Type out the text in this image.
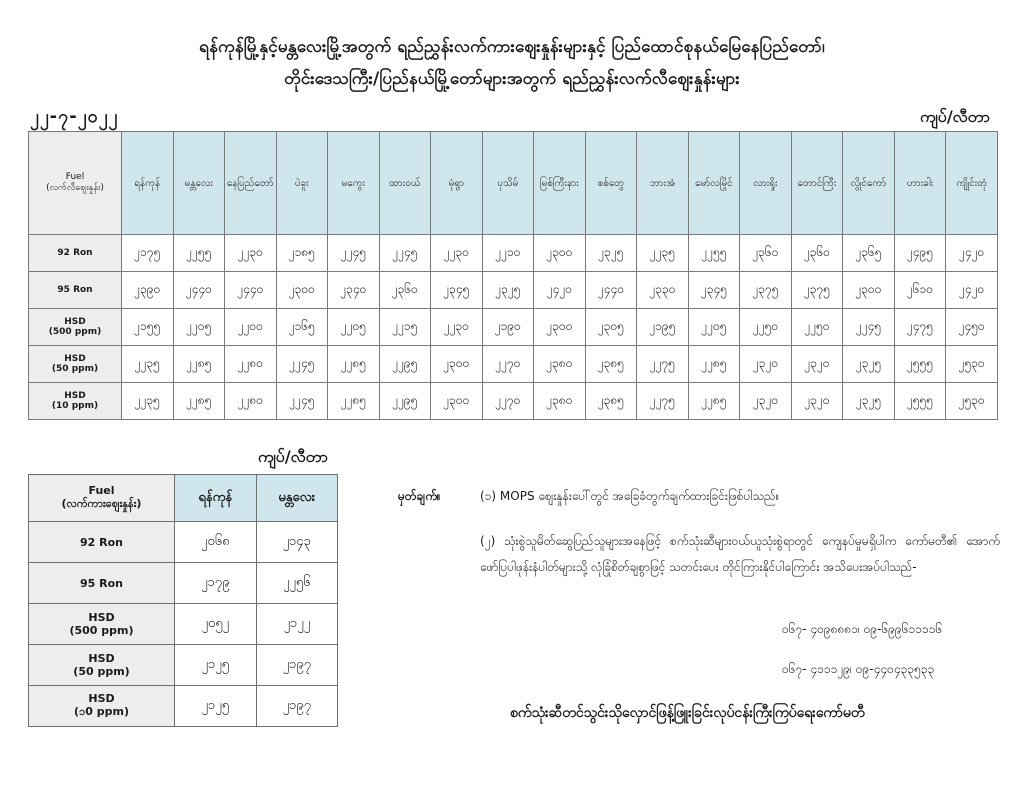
ရန်ကုန်မြို့နှင့်မန္တလေးမြို့အတွက် ရည်ညွှန်းလက်ကားဈေးနှုန်းများနှင့် ပြည်ထောင်စုနယ်မြေနေပြည်တော်၊
တိုင်းဒေသကြီး/ပြည်နယ်မြို့တော်များအတွက် ရည်ညွှန်းလက်လီဈေးနှုန်းများ
၂၂-၇-၂၀၂၂	ကျပ်/လီတာ
Fuel
(လက်လီဈေးနှုန်း)	ရန်ကုန်	မန္တလေး	နေပြည်တော်	ပဲခူး	မကွေး	ထားဝယ်	မုံရွာ	ပုသိမ်	မြစ်ကြီးနား	စစ်တွေ	ဘားအံ	မော်လမြိုင်	လားရှိုး	တောင်ကြီး	လွိုင်ကော်	ဟားခါး	ကျိုင်းတုံ

92 Ron	၂၁၇၅	၂၂၅၅	၂၂၃၀	၂၁၈၅	၂၂၄၅	၂၂၄၅	၂၂၃၀	၂၂၁၀	၂၃၀၀	၂၃၂၅	၂၂၃၅	၂၂၅၅	၂၃၆၀	၂၃၆၀	၂၃၆၅	၂၄၉၅	၂၄၂၀

95 Ron	၂၃၉၀	၂၄၄၀	၂၄၄၀	၂၃၀၀	၂၃၄၀	၂၃၆၀	၂၃၄၅	၂၃၂၅	၂၄၂၀	၂၄၄၀	၂၃၃၀	၂၃၄၅	၂၃၇၅	၂၃၇၅	၂၃၀၀	၂၆၁၀	၂၄၂၀

HSD
(500 ppm)	၂၁၅၅	၂၂၀၅	၂၂၀၀	၂၁၆၅	၂၂၀၅	၂၂၁၅	၂၂၃၀	၂၁၉၀	၂၃၀၀	၂၃၀၅	၂၁၉၅	၂၂၀၅	၂၂၅၀	၂၂၅၀	၂၂၄၅	၂၄၇၅	၂၄၅၀

HSD
(50 ppm)	၂၂၃၅	၂၂၈၅	၂၂၈၀	၂၂၄၅	၂၂၈၅	၂၂၉၅	၂၃၀၀	၂၂၇၀	၂၃၈၀	၂၃၈၅	၂၂၇၅	၂၂၈၅	၂၃၂၀	၂၃၂၀	၂၃၂၅	၂၅၅၅	၂၅၃၀

HSD
(10 ppm)	၂၂၃၅	၂၂၈၅	၂၂၈၀	၂၂၄၅	၂၂၈၅	၂၂၉၅	၂၃၀၀	၂၂၇၀	၂၃၈၀	၂၃၈၅	၂၂၇၅	၂၂၈၅	၂၃၂၀	၂၃၂၀	၂၃၂၅	၂၅၅၅	၂၅၃၀
ကျပ်/လီတာ
Fuel
(လက်ကားဈေးနှုန်း)	ရန်ကုန်	မန္တလေး

92 Ron	၂၀၆၈	၂၁၄၃

95 Ron	၂၁၇၉	၂၂၅၆

HSD
(500 ppm)	၂၀၅၂	၂၁၂၂

HSD
(50 ppm)	၂၁၂၅	၂၁၉၇

HSD
(၁0 ppm)	၂၁၂၅	၂၁၉၇
မှတ်ချက်။	(၁) MOPS ဈေးနှုန်းပေါ်တွင် အခြေခံတွက်ချက်ထားခြင်းဖြစ်ပါသည်။
(၂) သုံးစွဲသူမိတ်ဆွေပြည်သူများအနေဖြင့် စက်သုံးဆီများဝယ်ယူသုံးစွဲရာတွင် ကျေနပ်မှုမရှိပါက ကော်မတီ၏ အောက်ဖော်ပြပါဖုန်းနံပါတ်များသို့ လုံခြုံစိတ်ချစွာဖြင့် သတင်းပေး တိုင်ကြားနိုင်ပါကြောင်း အသိပေးအပ်ပါသည်-
၀၆၇- ၄၀၉၈၈၈၁၊ ၀၉-၆၉၉၆၁၁၁၁၆
၀၆၇- ၄၁၁၁၂၉၊ ၀၉-၄၄၀၄၃၃၅၃၃
စက်သုံးဆီတင်သွင်းသိုလှောင်ဖြန့်ဖြူးခြင်းလုပ်ငန်းကြီးကြပ်ရေးကော်မတီ
